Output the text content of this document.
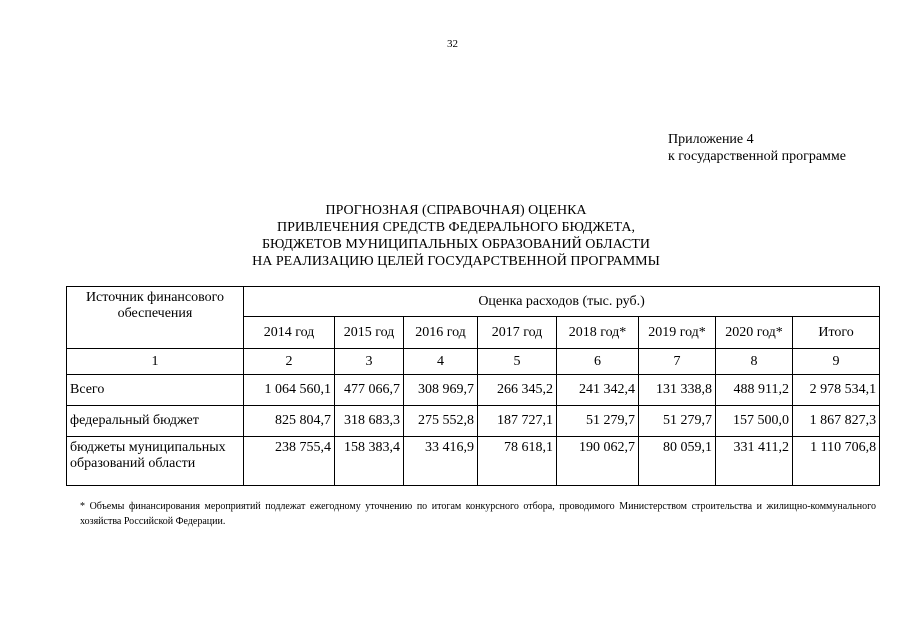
32
Приложение 4
к государственной программе
ПРОГНОЗНАЯ (СПРАВОЧНАЯ) ОЦЕНКА
ПРИВЛЕЧЕНИЯ СРЕДСТВ ФЕДЕРАЛЬНОГО БЮДЖЕТА,
БЮДЖЕТОВ МУНИЦИПАЛЬНЫХ ОБРАЗОВАНИЙ ОБЛАСТИ
НА РЕАЛИЗАЦИЮ ЦЕЛЕЙ ГОСУДАРСТВЕННОЙ ПРОГРАММЫ
Источник финансового обеспечения	Оценка расходов (тыс. руб.)							
	2014 год	2015 год	2016 год	2017 год	2018 год*	2019 год*	2020 год*	Итого
1	2	3	4	5	6	7	8	9
Всего	1 064 560,1	477 066,7	308 969,7	266 345,2	241 342,4	131 338,8	488 911,2	2 978 534,1
федеральный бюджет	825 804,7	318 683,3	275 552,8	187 727,1	51 279,7	51 279,7	157 500,0	1 867 827,3
бюджеты муниципальных образований области	238 755,4	158 383,4	33 416,9	78 618,1	190 062,7	80 059,1	331 411,2	1 110 706,8
* Объемы финансирования мероприятий подлежат ежегодному уточнению по итогам конкурсного отбора, проводимого Министерством строительства и жилищно-коммунального хозяйства Российской Федерации.
